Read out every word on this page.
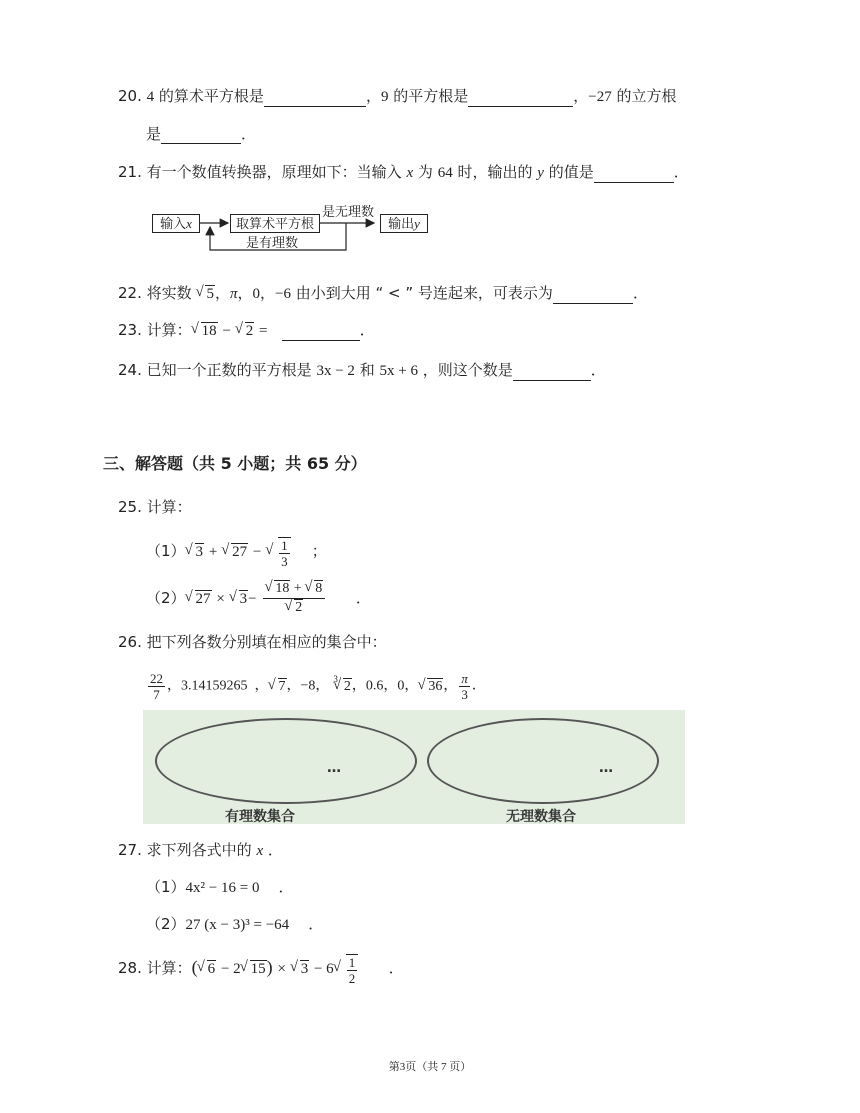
20. 4 的算术平方根是	，9 的平方根是	，−27 的立方根
是	．
21. 有一个数值转换器，原理如下：当输入 x 为 64 时，输出的 y 的值是	．
输入x	取算术平方根
是无理数
输出y
是有理数
22. 将实数 √ 5，π，0，−6 由小到大用 “ < ” 号连起来，可表示为	．
23. 计算： √ 18 − √ 2 =	．
24. 已知一个正数的平方根是 3x − 2 和 5x + 6 ，则这个数是	．
三、解答题（共 5 小题；共 65 分）
25. 计算：
（1） √ 3 + √ 27 − √ $\frac{1}{3}$ ；
（2） √ 27 × √ 3− √ 18 + √ 8
√ 2 ．
26. 把下列各数分别填在相应的集合中：
$\frac{22}{7}$ ，3.14159265 ， √ 7，−8， $^3$ √ 2，0.6，0， √ 36， $\frac{\pi}{3}$ ．
…
有理数集合
…
无理数集合
27. 求下列各式中的 x ．
（1）4x² − 16 = 0 ．
（2）27 (x − 3)³ = −64 ．
28. 计算：( √ 6 − 2 √ 15) × √ 3 − 6 √ $\frac{1}{2}$ ．
第3页（共 7 页）
